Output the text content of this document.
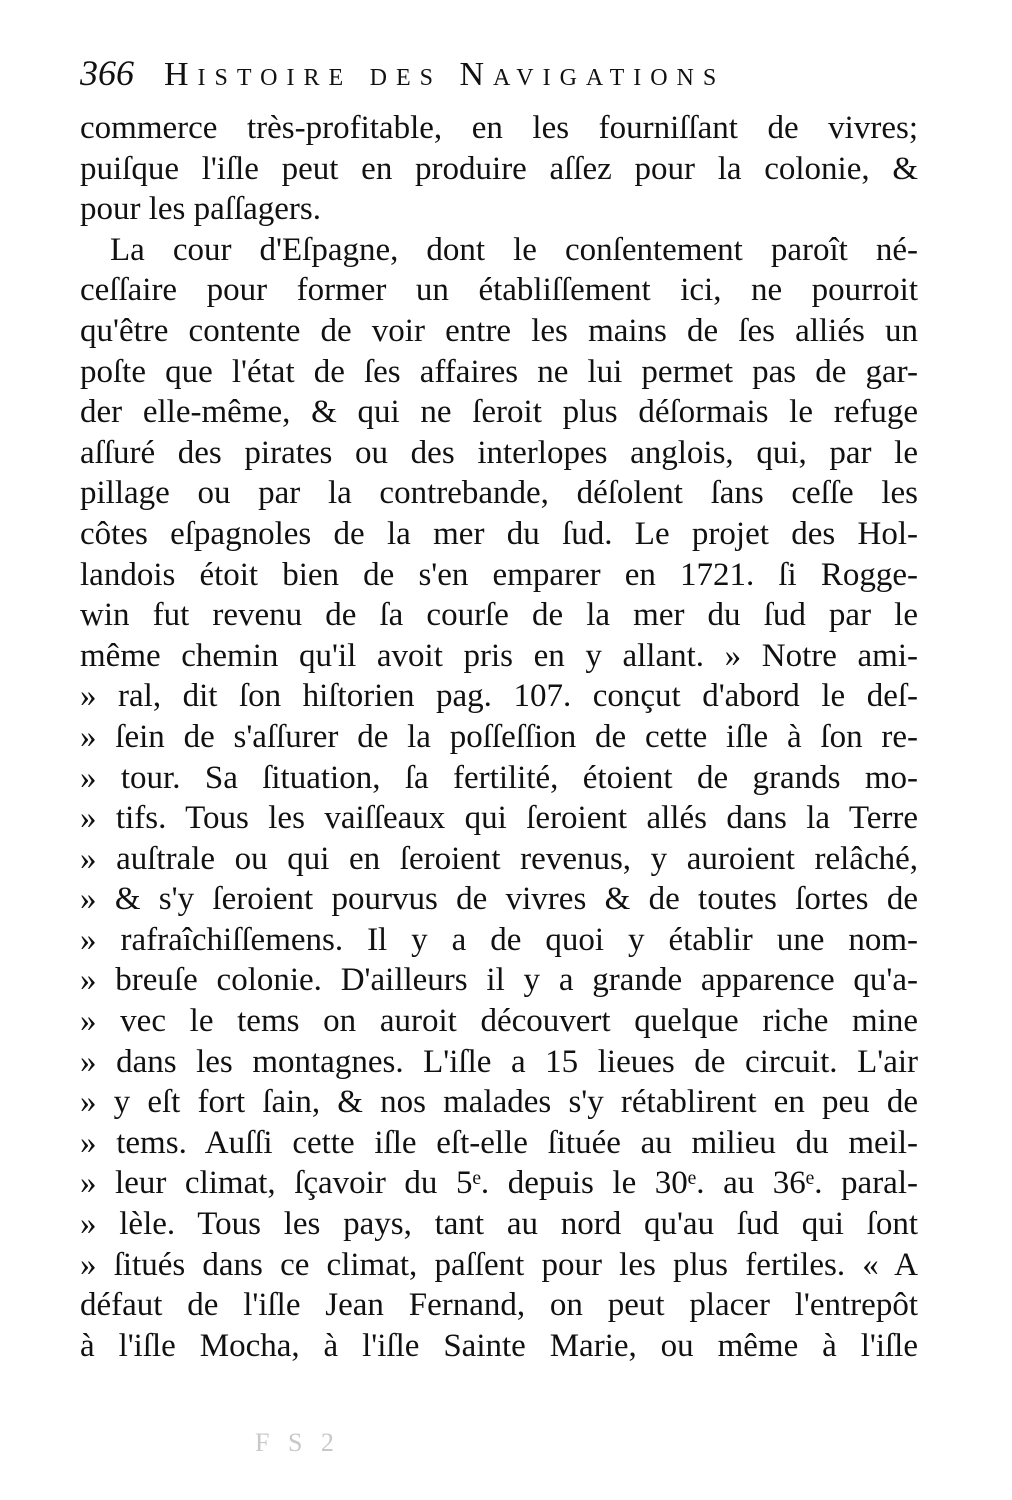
366 Histoire des Navigations
commerce très-profitable, en les fourniſſant de vivres;
puiſque l'iſle peut en produire aſſez pour la colonie, &
pour les paſſagers.
La cour d'Eſpagne, dont le conſentement paroît né-
ceſſaire pour former un établiſſement ici, ne pourroit
qu'être contente de voir entre les mains de ſes alliés un
poſte que l'état de ſes affaires ne lui permet pas de gar-
der elle-même, & qui ne ſeroit plus déſormais le refuge
aſſuré des pirates ou des interlopes anglois, qui, par le
pillage ou par la contrebande, déſolent ſans ceſſe les
côtes eſpagnoles de la mer du ſud. Le projet des Hol-
landois étoit bien de s'en emparer en 1721. ſi Rogge-
win fut revenu de ſa courſe de la mer du ſud par le
même chemin qu'il avoit pris en y allant. » Notre ami-
» ral, dit ſon hiſtorien pag. 107. conçut d'abord le deſ-
» ſein de s'aſſurer de la poſſeſſion de cette iſle à ſon re-
» tour. Sa ſituation, ſa fertilité, étoient de grands mo-
» tifs. Tous les vaiſſeaux qui ſeroient allés dans la Terre
» auſtrale ou qui en ſeroient revenus, y auroient relâché,
» & s'y ſeroient pourvus de vivres & de toutes ſortes de
» rafraîchiſſemens. Il y a de quoi y établir une nom-
» breuſe colonie. D'ailleurs il y a grande apparence qu'a-
» vec le tems on auroit découvert quelque riche mine
» dans les montagnes. L'iſle a 15 lieues de circuit. L'air
» y eſt fort ſain, & nos malades s'y rétablirent en peu de
» tems. Auſſi cette iſle eſt-elle ſituée au milieu du meil-
» leur climat, ſçavoir du 5ᵉ. depuis le 30ᵉ. au 36ᵉ. paral-
» lèle. Tous les pays, tant au nord qu'au ſud qui ſont
» ſitués dans ce climat, paſſent pour les plus fertiles. « A
défaut de l'iſle Jean Fernand, on peut placer l'entrepôt
à l'iſle Mocha, à l'iſle Sainte Marie, ou même à l'iſle
F S 2
